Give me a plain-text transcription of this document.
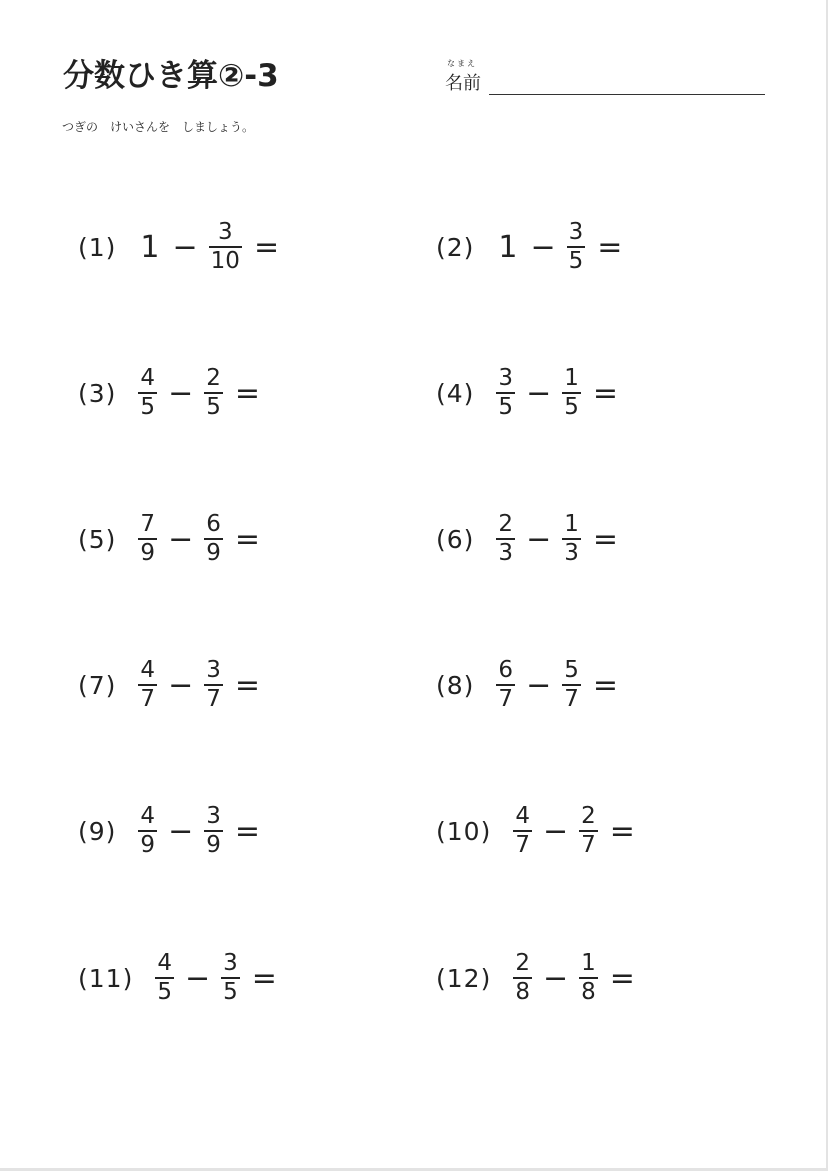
分数ひき算②-3	なまえ
名前
つぎの　けいさんを　しましょう。
(1) $1 - \frac{3}{10}$ =	(2) $1 - \frac{3}{5}$ =
$(3) \frac{4}{5} - \frac{2}{5}$ =	$(4) \frac{3}{5} - \frac{1}{5}$ =
$(5) \frac{7}{9} - \frac{6}{9}$ =	$(6) \frac{2}{3} - \frac{1}{3}$ =
$(7) \frac{4}{7} - \frac{3}{7}$ =	$(8) \frac{6}{7} - \frac{5}{7}$ =
$(9) \frac{4}{9} - \frac{3}{9}$ =	$(10) \frac{4}{7} - \frac{2}{7}$ =
$(11) \frac{4}{5} - \frac{3}{5}$ =	$(12) \frac{2}{8} - \frac{1}{8}$ =
